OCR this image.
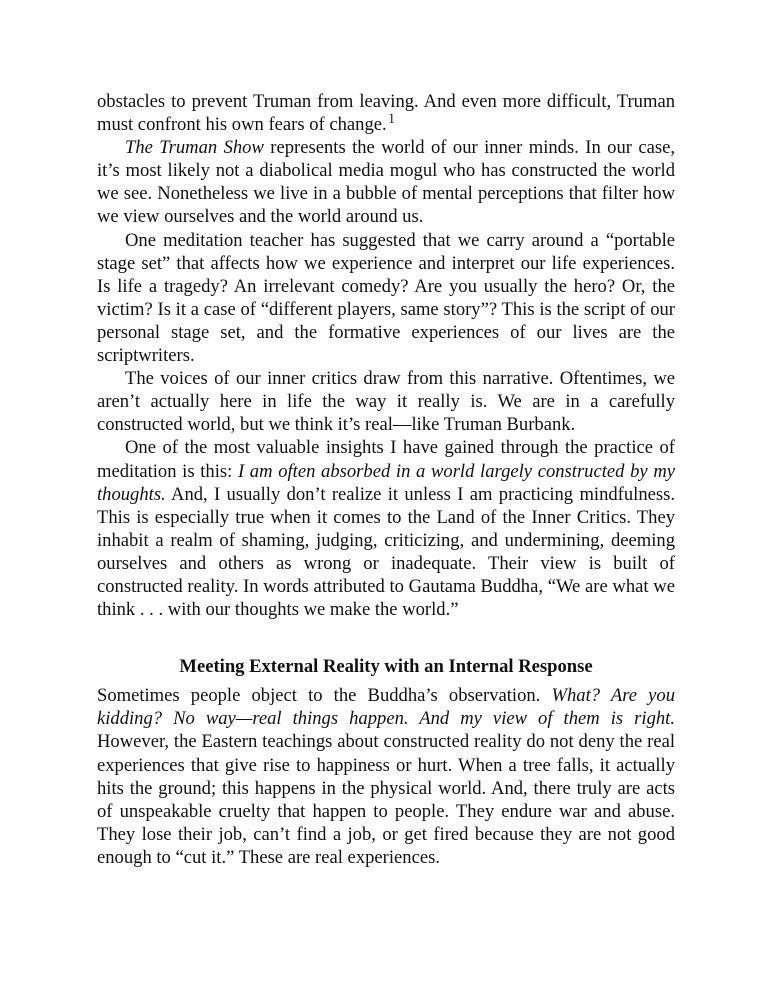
obstacles to prevent Truman from leaving. And even more difficult, Truman must confront his own fears of change.$^1$

The Truman Show represents the world of our inner minds. In our case, it’s most likely not a diabolical media mogul who has constructed the world we see. Nonetheless we live in a bubble of mental perceptions that filter how we view ourselves and the world around us.

One meditation teacher has suggested that we carry around a “portable stage set” that affects how we experience and interpret our life experiences. Is life a tragedy? An irrelevant comedy? Are you usually the hero? Or, the victim? Is it a case of “different players, same story”? This is the script of our personal stage set, and the formative experiences of our lives are the scriptwriters.

The voices of our inner critics draw from this narrative. Oftentimes, we aren’t actually here in life the way it really is. We are in a carefully constructed world, but we think it’s real—like Truman Burbank.

One of the most valuable insights I have gained through the practice of meditation is this: I am often absorbed in a world largely constructed by my thoughts. And, I usually don’t realize it unless I am practicing mindfulness. This is especially true when it comes to the Land of the Inner Critics. They inhabit a realm of shaming, judging, criticizing, and undermining, deeming ourselves and others as wrong or inadequate. Their view is built of constructed reality. In words attributed to Gautama Buddha, “We are what we think . . . with our thoughts we make the world.”

Meeting External Reality with an Internal Response

Sometimes people object to the Buddha’s observation. What? Are you kidding? No way—real things happen. And my view of them is right. However, the Eastern teachings about constructed reality do not deny the real experiences that give rise to happiness or hurt. When a tree falls, it actually hits the ground; this happens in the physical world. And, there truly are acts of unspeakable cruelty that happen to people. They endure war and abuse. They lose their job, can’t find a job, or get fired because they are not good enough to “cut it.” These are real experiences.
